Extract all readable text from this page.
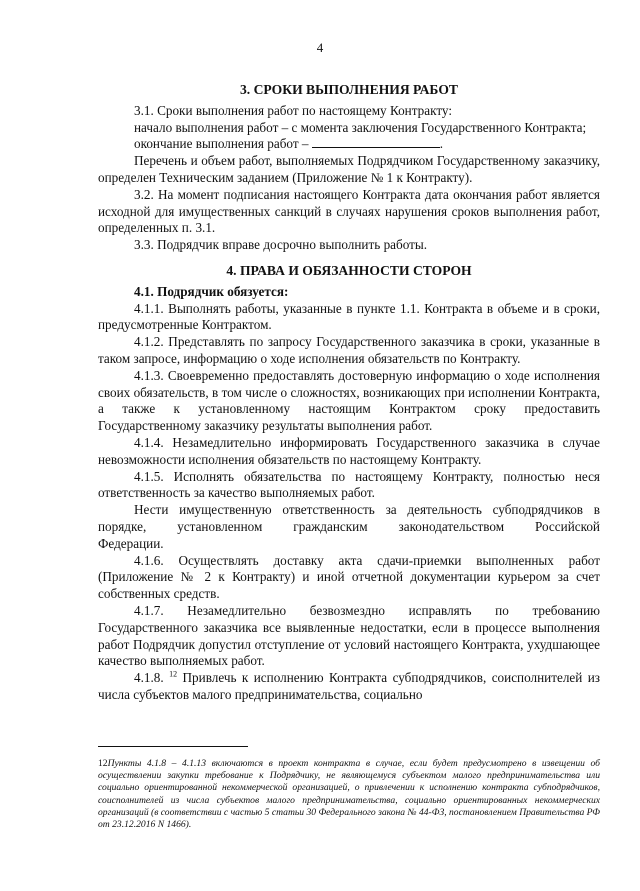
4

3. СРОКИ ВЫПОЛНЕНИЯ РАБОТ

3.1. Сроки выполнения работ по настоящему Контракту:

начало выполнения работ – с момента заключения Государственного Контракта;

окончание выполнения работ –	.

Перечень и объем работ, выполняемых Подрядчиком Государственному заказчику, определен Техническим заданием (Приложение № 1 к Контракту).

3.2. На момент подписания настоящего Контракта дата окончания работ является исходной для имущественных санкций в случаях нарушения сроков выполнения работ, определенных п. 3.1.

3.3. Подрядчик вправе досрочно выполнить работы.

4. ПРАВА И ОБЯЗАННОСТИ СТОРОН

4.1. Подрядчик обязуется:

4.1.1. Выполнять работы, указанные в пункте 1.1. Контракта в объеме и в сроки, предусмотренные Контрактом.

4.1.2. Представлять по запросу Государственного заказчика в сроки, указанные в таком запросе, информацию о ходе исполнения обязательств по Контракту.

4.1.3. Своевременно предоставлять достоверную информацию о ходе исполнения своих обязательств, в том числе о сложностях, возникающих при исполнении Контракта, а также к установленному настоящим Контрактом сроку предоставить Государственному заказчику результаты выполнения работ.

4.1.4. Незамедлительно информировать Государственного заказчика в случае невозможности исполнения обязательств по настоящему Контракту.

4.1.5. Исполнять обязательства по настоящему Контракту, полностью неся ответственность за качество выполняемых работ.

Нести имущественную ответственность за деятельность субподрядчиков в

порядке, установленном гражданским законодательством Российской

Федерации.

4.1.6. Осуществлять доставку акта сдачи-приемки выполненных работ (Приложение № 2 к Контракту) и иной отчетной документации курьером за счет собственных средств.

4.1.7. Незамедлительно безвозмездно исправлять по требованию Государственного заказчика все выявленные недостатки, если в процессе выполнения работ Подрядчик допустил отступление от условий настоящего Контракта, ухудшающее качество выполняемых работ.

4.1.8. $^{12}$ Привлечь к исполнению Контракта субподрядчиков, соисполнителей из числа субъектов малого предпринимательства, социально

12Пункты 4.1.8 – 4.1.13 включаются в проект контракта в случае, если будет предусмотрено в извещении об осуществлении закупки требование к Подрядчику, не являющемуся субъектом малого предпринимательства или социально ориентированной некоммерческой организацией, о привлечении к исполнению контракта субподрядчиков, соисполнителей из числа субъектов малого предпринимательства, социально ориентированных некоммерческих организаций (в соответствии с частью 5 статьи 30 Федерального закона № 44-ФЗ, постановлением Правительства РФ от 23.12.2016 N 1466).
